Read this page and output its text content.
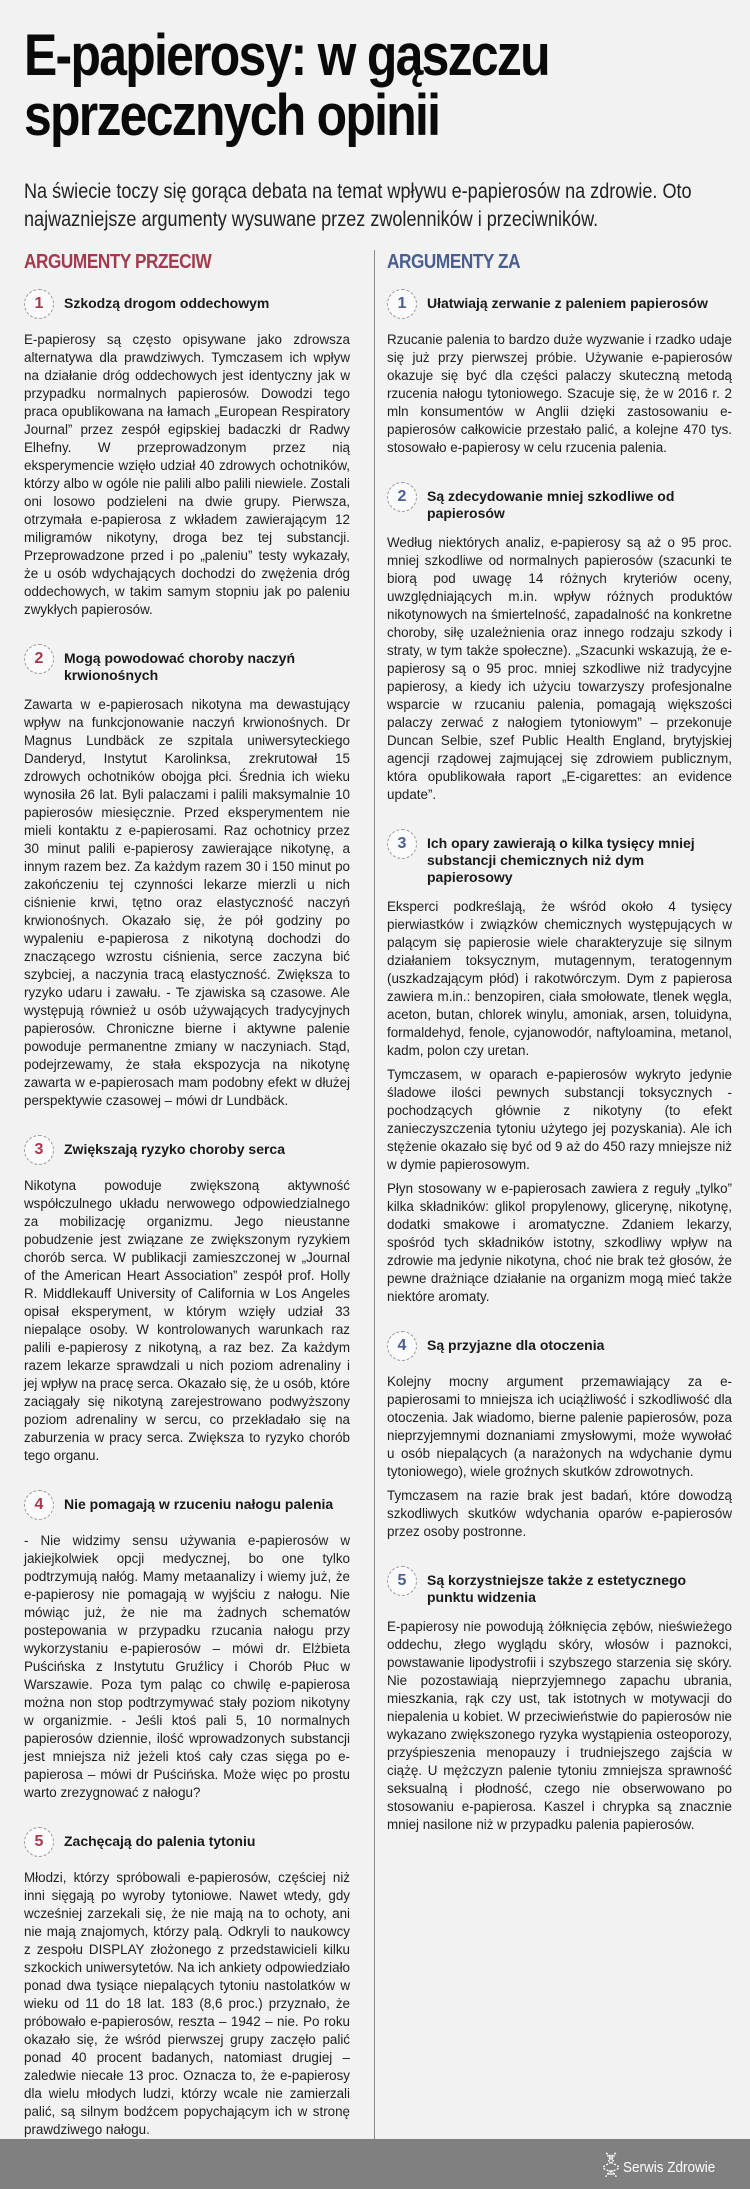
E-papierosy: w gąszczu sprzecznych opinii

Na świecie toczy się gorąca debata na temat wpływu e-papierosów na zdrowie. Oto najwazniejsze argumenty wysuwane przez zwolenników i przeciwników.

ARGUMENTY PRZECIW
1	Szkodzą drogom oddechowym

E-papierosy są często opisywane jako zdrowsza alternatywa dla prawdziwych. Tymczasem ich wpływ na działanie dróg oddechowych jest identyczny jak w przypadku normalnych papierosów. Dowodzi tego praca opublikowana na łamach „European Respiratory Journal” przez zespół egipskiej badaczki dr Radwy Elhefny. W przeprowadzonym przez nią eksperymencie wzięło udział 40 zdrowych ochotników, którzy albo w ogóle nie palili albo palili niewiele. Zostali oni losowo podzieleni na dwie grupy. Pierwsza, otrzymała e-papierosa z wkładem zawierającym 12 miligramów nikotyny, droga bez tej substancji. Przeprowadzone przed i po „paleniu” testy wykazały, że u osób wdychających dochodzi do zwężenia dróg oddechowych, w takim samym stopniu jak po paleniu zwykłych papierosów.

2	Mogą powodować choroby naczyń krwionośnych

Zawarta w e-papierosach nikotyna ma dewastujący wpływ na funkcjonowanie naczyń krwionośnych. Dr Magnus Lundbäck ze szpitala uniwersyteckiego Danderyd, Instytut Karolinksa, zrekrutował 15 zdrowych ochotników obojga płci. Średnia ich wieku wynosiła 26 lat. Byli palaczami i palili maksymalnie 10 papierosów miesięcznie. Przed eksperymentem nie mieli kontaktu z e-papierosami. Raz ochotnicy przez 30 minut palili e-papierosy zawierające nikotynę, a innym razem bez. Za każdym razem 30 i 150 minut po zakończeniu tej czynności lekarze mierzli u nich ciśnienie krwi, tętno oraz elastyczność naczyń krwionośnych. Okazało się, że pół godziny po wypaleniu e-papierosa z nikotyną dochodzi do znaczącego wzrostu ciśnienia, serce zaczyna bić szybciej, a naczynia tracą elastyczność. Zwiększa to ryzyko udaru i zawału. - Te zjawiska są czasowe. Ale występują również u osób używających tradycyjnych papierosów. Chroniczne bierne i aktywne palenie powoduje permanentne zmiany w naczyniach. Stąd, podejrzewamy, że stała ekspozycja na nikotynę zawarta w e-papierosach mam podobny efekt w dłużej perspektywie czasowej – mówi dr Lundbäck.

3	Zwiększają ryzyko choroby serca

Nikotyna powoduje zwiększoną aktywność współczulnego układu nerwowego odpowiedzialnego za mobilizację organizmu. Jego nieustanne pobudzenie jest związane ze zwiększonym ryzykiem chorób serca. W publikacji zamieszczonej w „Journal of the American Heart Association” zespół prof. Holly R. Middlekauff University of California w Los Angeles opisał eksperyment, w którym wzięły udział 33 niepalące osoby. W kontrolowanych warunkach raz palili e-papierosy z nikotyną, a raz bez. Za każdym razem lekarze sprawdzali u nich poziom adrenaliny i jej wpływ na pracę serca. Okazało się, że u osób, które zaciągały się nikotyną zarejestrowano podwyższony poziom adrenaliny w sercu, co przekładało się na zaburzenia w pracy serca. Zwiększa to ryzyko chorób tego organu.

4	Nie pomagają w rzuceniu nałogu palenia

- Nie widzimy sensu używania e-papierosów w jakiejkolwiek opcji medycznej, bo one tylko podtrzymują nałóg. Mamy metaanalizy i wiemy już, że e-papierosy nie pomagają w wyjściu z nałogu. Nie mówiąc już, że nie ma żadnych schematów postepowania w przypadku rzucania nałogu przy wykorzystaniu e-papierosów – mówi dr. Elżbieta Puścińska z Instytutu Gruźlicy i Chorób Płuc w Warszawie. Poza tym paląc co chwilę e-papierosa można non stop podtrzymywać stały poziom nikotyny w organizmie. - Jeśli ktoś pali 5, 10 normalnych papierosów dziennie, ilość wprowadzonych substancji jest mniejsza niż jeżeli ktoś cały czas sięga po e-papierosa – mówi dr Puścińska. Może więc po prostu warto zrezygnować z nałogu?

5	Zachęcają do palenia tytoniu

Młodzi, którzy spróbowali e-papierosów, częściej niż inni sięgają po wyroby tytoniowe. Nawet wtedy, gdy wcześniej zarzekali się, że nie mają na to ochoty, ani nie mają znajomych, którzy palą. Odkryli to naukowcy z zespołu DISPLAY złożonego z przedstawicieli kilku szkockich uniwersytetów. Na ich ankiety odpowiedziało ponad dwa tysiące niepalących tytoniu nastolatków w wieku od 11 do 18 lat. 183 (8,6 proc.) przyznało, że próbowało e-papierosów, reszta – 1942 – nie. Po roku okazało się, że wśród pierwszej grupy zaczęło palić ponad 40 procent badanych, natomiast drugiej – zaledwie niecałe 13 proc. Oznacza to, że e-papierosy dla wielu młodych ludzi, którzy wcale nie zamierzali palić, są silnym bodźcem popychającym ich w stronę prawdziwego nałogu.

ARGUMENTY ZA
1	Ułatwiają zerwanie z paleniem papierosów

Rzucanie palenia to bardzo duże wyzwanie i rzadko udaje się już przy pierwszej próbie. Używanie e-papierosów okazuje się być dla części palaczy skuteczną metodą rzucenia nałogu tytoniowego. Szacuje się, że w 2016 r. 2 mln konsumentów w Anglii dzięki zastosowaniu e-papierosów całkowicie przestało palić, a kolejne 470 tys. stosowało e-papierosy w celu rzucenia palenia.

2	Są zdecydowanie mniej szkodliwe od papierosów

Według niektórych analiz, e-papierosy są aż o 95 proc. mniej szkodliwe od normalnych papierosów (szacunki te biorą pod uwagę 14 różnych kryteriów oceny, uwzględniających m.in. wpływ różnych produktów nikotynowych na śmiertelność, zapadalność na konkretne choroby, siłę uzależnienia oraz innego rodzaju szkody i straty, w tym także społeczne). „Szacunki wskazują, że e-papierosy są o 95 proc. mniej szkodliwe niż tradycyjne papierosy, a kiedy ich użyciu towarzyszy profesjonalne wsparcie w rzucaniu palenia, pomagają większości palaczy zerwać z nałogiem tytoniowym” – przekonuje Duncan Selbie, szef Public Health England, brytyjskiej agencji rządowej zajmującej się zdrowiem publicznym, która opublikowała raport „E-cigarettes: an evidence update”.

3	Ich opary zawierają o kilka tysięcy mniej substancji chemicznych niż dym papierosowy

Eksperci podkreślają, że wśród około 4 tysięcy pierwiastków i związków chemicznych występujących w palącym się papierosie wiele charakteryzuje się silnym działaniem toksycznym, mutagennym, teratogennym (uszkadzającym płód) i rakotwórczym. Dym z papierosa zawiera m.in.: benzopiren, ciała smołowate, tlenek węgla, aceton, butan, chlorek winylu, amoniak, arsen, toluidyna, formaldehyd, fenole, cyjanowodór, naftyloamina, metanol, kadm, polon czy uretan.

Tymczasem, w oparach e-papierosów wykryto jedynie śladowe ilości pewnych substancji toksycznych - pochodzących głównie z nikotyny (to efekt zanieczyszczenia tytoniu użytego jej pozyskania). Ale ich stężenie okazało się być od 9 aż do 450 razy mniejsze niż w dymie papierosowym.

Płyn stosowany w e-papierosach zawiera z reguły „tylko” kilka składników: glikol propylenowy, glicerynę, nikotynę, dodatki smakowe i aromatyczne. Zdaniem lekarzy, spośród tych składników istotny, szkodliwy wpływ na zdrowie ma jedynie nikotyna, choć nie brak też głosów, że pewne drażniące działanie na organizm mogą mieć także niektóre aromaty.

4	Są przyjazne dla otoczenia

Kolejny mocny argument przemawiający za e-papierosami to mniejsza ich uciążliwość i szkodliwość dla otoczenia. Jak wiadomo, bierne palenie papierosów, poza nieprzyjemnymi doznaniami zmysłowymi, może wywołać u osób niepalących (a narażonych na wdychanie dymu tytoniowego), wiele groźnych skutków zdrowotnych.

Tymczasem na razie brak jest badań, które dowodzą szkodliwych skutków wdychania oparów e-papierosów przez osoby postronne.

5	Są korzystniejsze także z estetycznego punktu widzenia

E-papierosy nie powodują żółknięcia zębów, nieświeżego oddechu, złego wyglądu skóry, włosów i paznokci, powstawanie lipodystrofii i szybszego starzenia się skóry. Nie pozostawiają nieprzyjemnego zapachu ubrania, mieszkania, rąk czy ust, tak istotnych w motywacji do niepalenia u kobiet. W przeciwieństwie do papierosów nie wykazano zwiększonego ryzyka wystąpienia osteoporozy, przyśpieszenia menopauzy i trudniejszego zajścia w ciążę. U mężczyzn palenie tytoniu zmniejsza sprawność seksualną i płodność, czego nie obserwowano po stosowaniu e-papierosa. Kaszel i chrypka są znacznie mniej nasilone niż w przypadku palenia papierosów.

Serwis Zdrowie
